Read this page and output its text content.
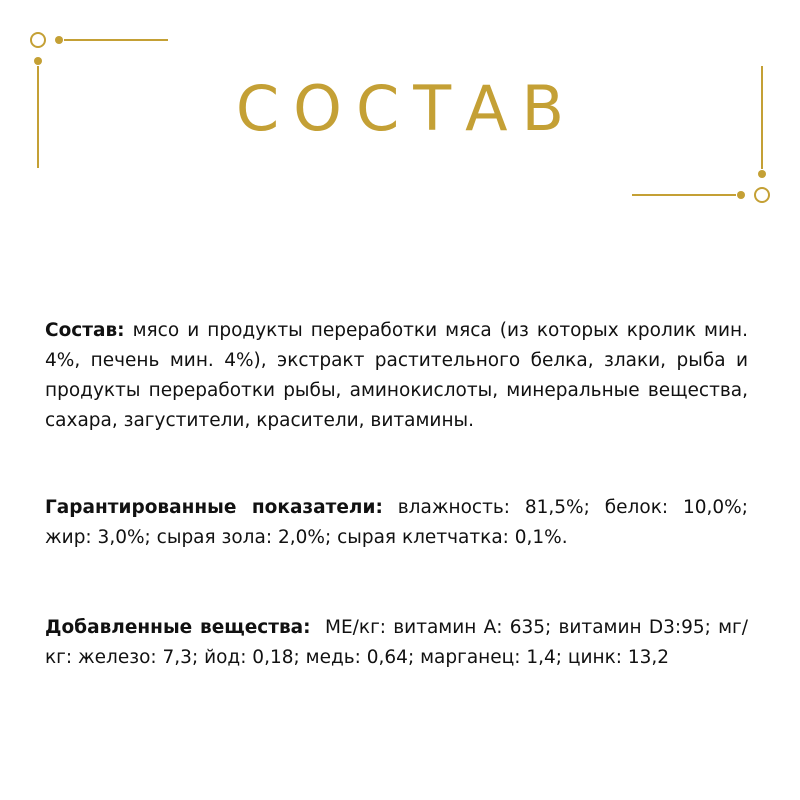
СОСТАВ
Состав: мясо и продукты переработки мяса (из которых кролик мин. 4%, печень мин. 4%), экстракт растительного белка, злаки, рыба и продукты переработки рыбы, аминокислоты, минеральные вещества, сахара, загустители, красители, витамины.
Гарантированные показатели: влажность: 81,5%; белок: 10,0%; жир: 3,0%; сырая зола: 2,0%; сырая клетчатка: 0,1%.
Добавленные вещества:  МЕ/кг: витамин А: 635; витамин D3:95; мг/кг: железо: 7,3; йод: 0,18; медь: 0,64; марганец: 1,4; цинк: 13,2
